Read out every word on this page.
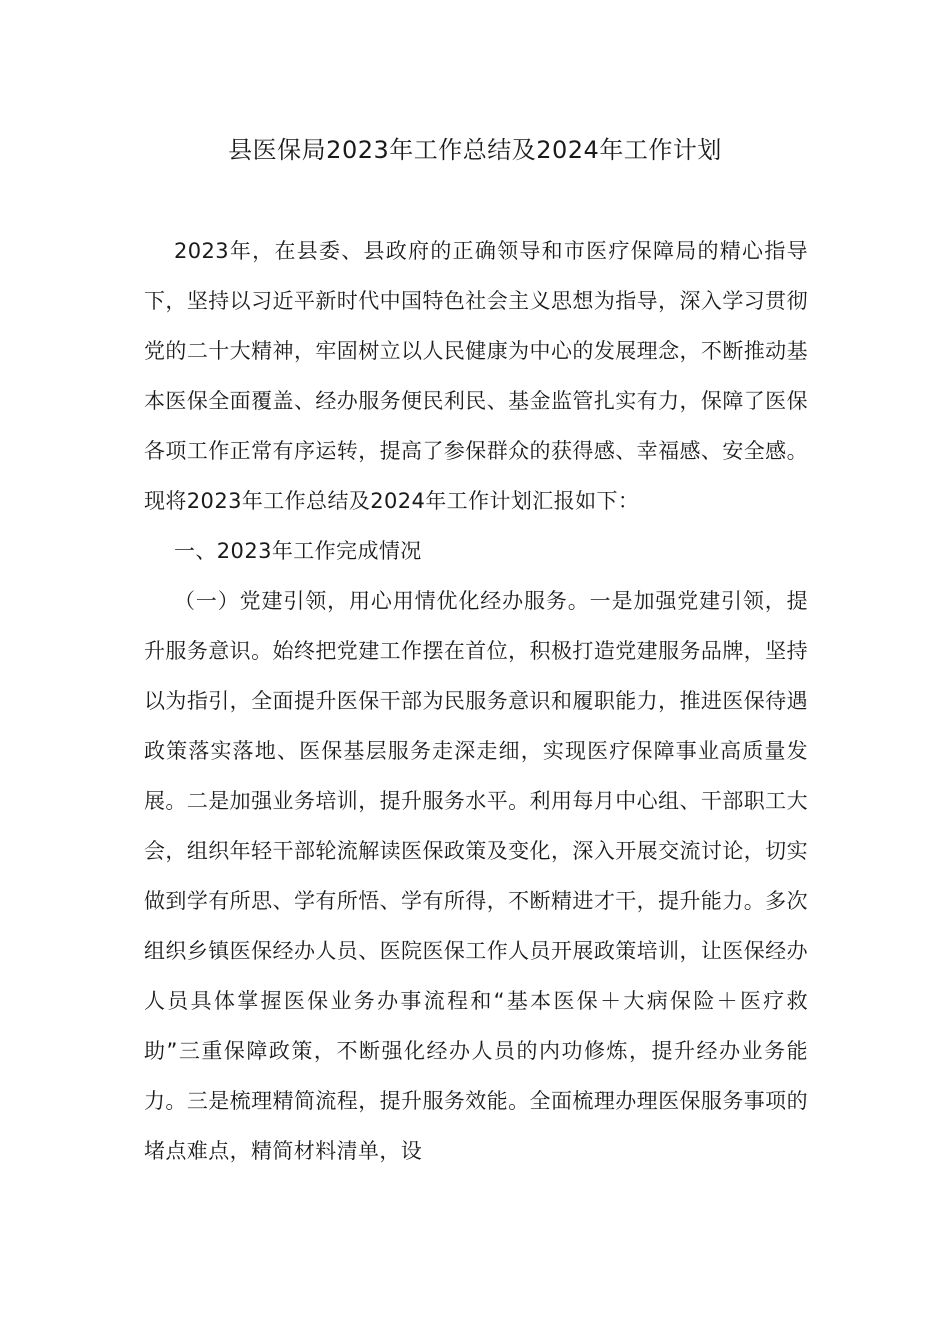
县医保局2023年工作总结及2024年工作计划

2023年，在县委、县政府的正确领导和市医疗保障局的精心指导下，坚持以习近平新时代中国特色社会主义思想为指导，深入学习贯彻党的二十大精神，牢固树立以人民健康为中心的发展理念，不断推动基本医保全面覆盖、经办服务便民利民、基金监管扎实有力，保障了医保各项工作正常有序运转，提高了参保群众的获得感、幸福感、安全感。现将2023年工作总结及2024年工作计划汇报如下：

一、2023年工作完成情况

（一）党建引领，用心用情优化经办服务。一是加强党建引领，提升服务意识。始终把党建工作摆在首位，积极打造党建服务品牌，坚持以为指引，全面提升医保干部为民服务意识和履职能力，推进医保待遇政策落实落地、医保基层服务走深走细，实现医疗保障事业高质量发展。二是加强业务培训，提升服务水平。利用每月中心组、干部职工大会，组织年轻干部轮流解读医保政策及变化，深入开展交流讨论，切实做到学有所思、学有所悟、学有所得，不断精进才干，提升能力。多次组织乡镇医保经办人员、医院医保工作人员开展政策培训，让医保经办人员具体掌握医保业务办事流程和“基本医保＋大病保险＋医疗救助”三重保障政策，不断强化经办人员的内功修炼，提升经办业务能力。三是梳理精简流程，提升服务效能。全面梳理办理医保服务事项的堵点难点，精简材料清单，设
